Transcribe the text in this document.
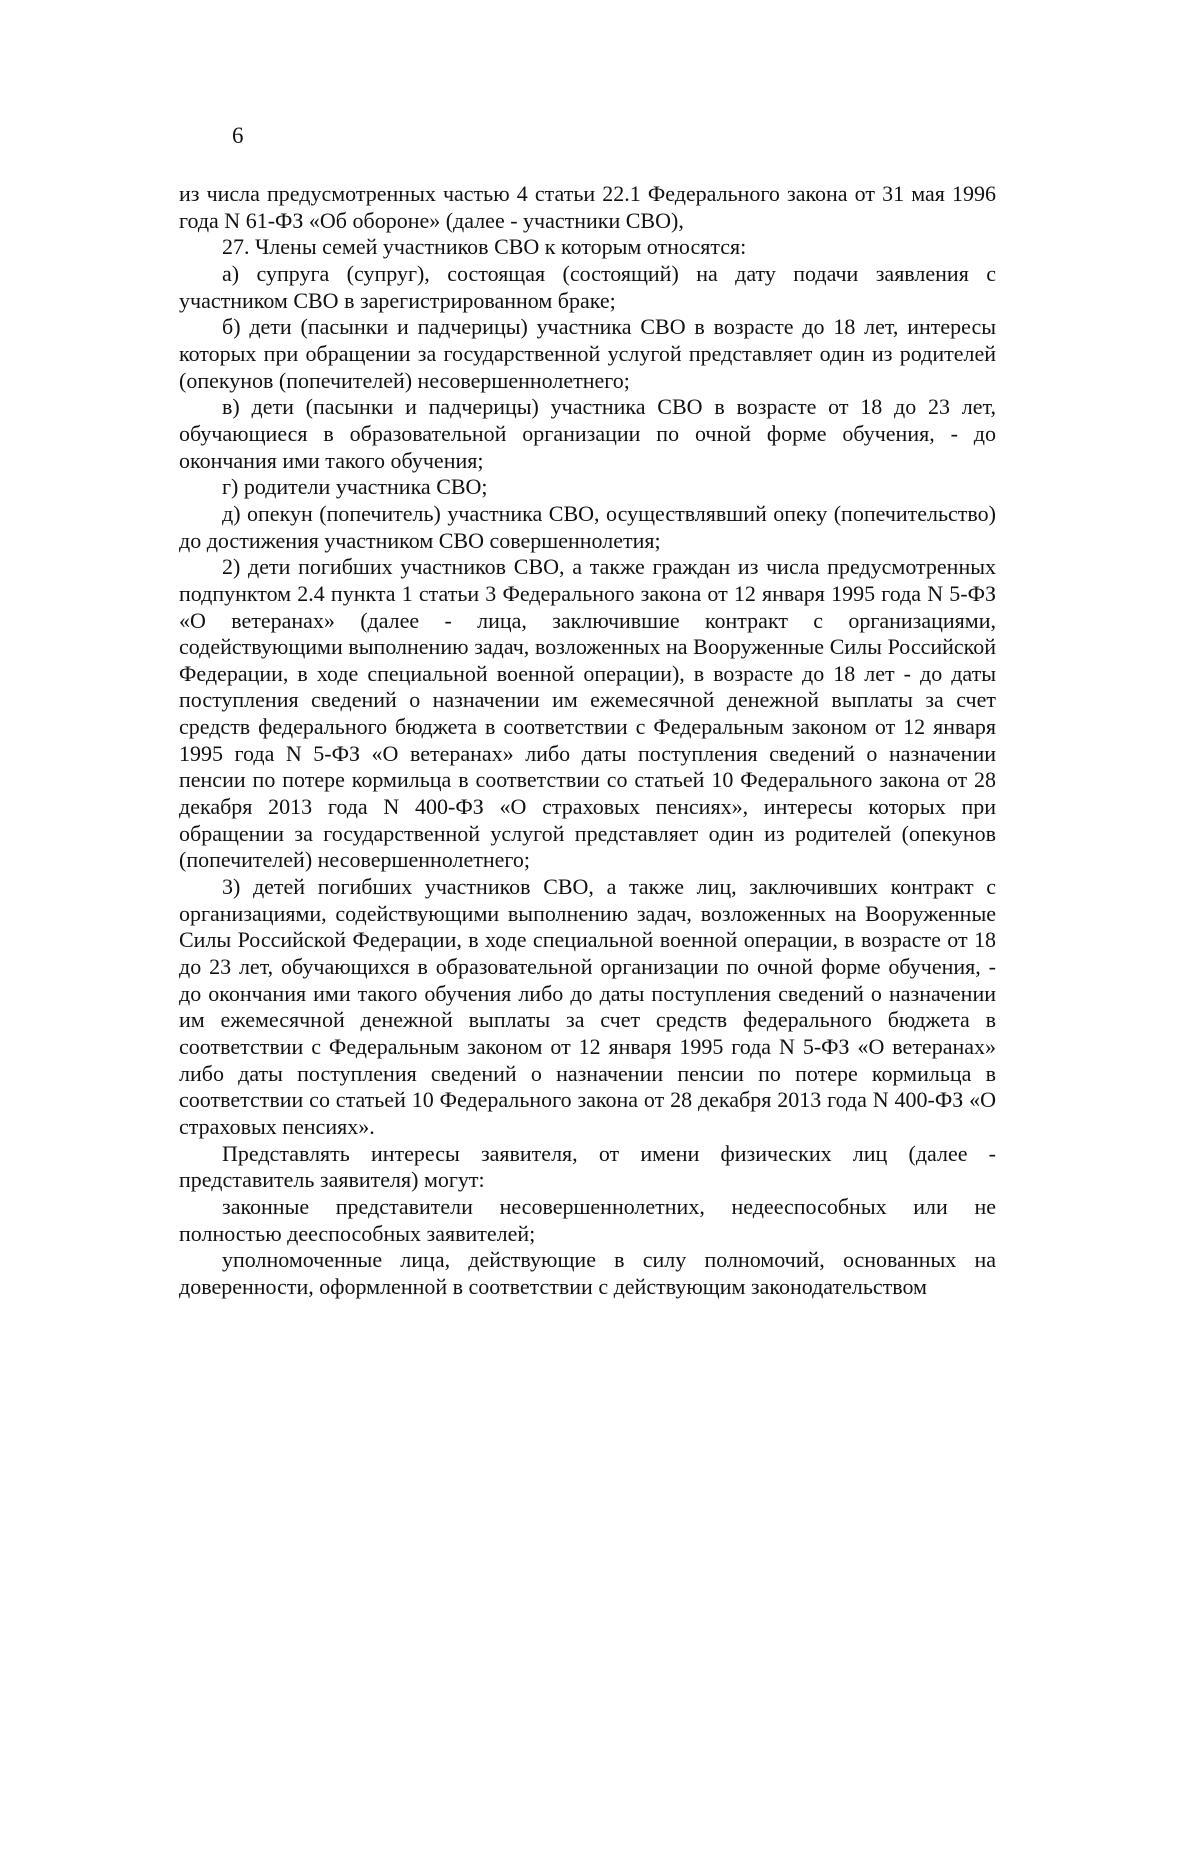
6

из числа предусмотренных частью 4 статьи 22.1 Федерального закона от 31 мая 1996 года N 61-ФЗ «Об обороне» (далее - участники СВО),

27. Члены семей участников СВО к которым относятся:

а) супруга (супруг), состоящая (состоящий) на дату подачи заявления с участником СВО в зарегистрированном браке;

б) дети (пасынки и падчерицы) участника СВО в возрасте до 18 лет, интересы которых при обращении за государственной услугой представляет один из родителей (опекунов (попечителей) несовершеннолетнего;

в) дети (пасынки и падчерицы) участника СВО в возрасте от 18 до 23 лет, обучающиеся в образовательной организации по очной форме обучения, - до окончания ими такого обучения;

г) родители участника СВО;

д) опекун (попечитель) участника СВО, осуществлявший опеку (попечительство) до достижения участником СВО совершеннолетия;

2) дети погибших участников СВО, а также граждан из числа предусмотренных подпунктом 2.4 пункта 1 статьи 3 Федерального закона от 12 января 1995 года N 5-ФЗ «О ветеранах» (далее - лица, заключившие контракт с организациями, содействующими выполнению задач, возложенных на Вооруженные Силы Российской Федерации, в ходе специальной военной операции), в возрасте до 18 лет - до даты поступления сведений о назначении им ежемесячной денежной выплаты за счет средств федерального бюджета в соответствии с Федеральным законом от 12 января 1995 года N 5-ФЗ «О ветеранах» либо даты поступления сведений о назначении пенсии по потере кормильца в соответствии со статьей 10 Федерального закона от 28 декабря 2013 года N 400-ФЗ «О страховых пенсиях», интересы которых при обращении за государственной услугой представляет один из родителей (опекунов (попечителей) несовершеннолетнего;

3) детей погибших участников СВО, а также лиц, заключивших контракт с организациями, содействующими выполнению задач, возложенных на Вооруженные Силы Российской Федерации, в ходе специальной военной операции, в возрасте от 18 до 23 лет, обучающихся в образовательной организации по очной форме обучения, - до окончания ими такого обучения либо до даты поступления сведений о назначении им ежемесячной денежной выплаты за счет средств федерального бюджета в соответствии с Федеральным законом от 12 января 1995 года N 5-ФЗ «О ветеранах» либо даты поступления сведений о назначении пенсии по потере кормильца в соответствии со статьей 10 Федерального закона от 28 декабря 2013 года N 400-ФЗ «О страховых пенсиях».

Представлять интересы заявителя, от имени физических лиц (далее - представитель заявителя) могут:

законные представители несовершеннолетних, недееспособных или не полностью дееспособных заявителей;

уполномоченные лица, действующие в силу полномочий, основанных на доверенности, оформленной в соответствии с действующим законодательством
